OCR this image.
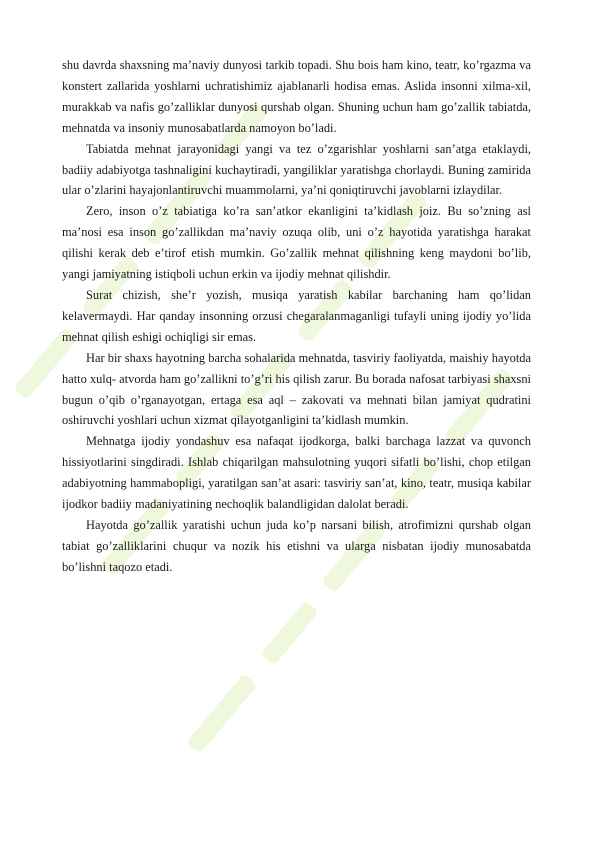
shu davrda shaxsning ma’naviy dunyosi tarkib topadi. Shu bois ham kino, teatr, ko’rgazma va konstert zallarida yoshlarni uchratishimiz ajablanarli hodisa emas. Aslida insonni xilma-xil, murakkab va nafis go’zalliklar dunyosi qurshab olgan. Shuning uchun ham go’zallik tabiatda, mehnatda va insoniy munosabatlarda namoyon bo’ladi.

Tabiatda mehnat jarayonidagi yangi va tez o’zgarishlar yoshlarni san’atga etaklaydi, badiiy adabiyotga tashnaligini kuchaytiradi, yangiliklar yaratishga chorlaydi. Buning zamirida ular o’zlarini hayajonlantiruvchi muammolarni, ya’ni qoniqtiruvchi javoblarni izlaydilar.

Zero, inson o’z tabiatiga ko’ra san’atkor ekanligini ta’kidlash joiz. Bu so’zning asl ma’nosi esa inson go’zallikdan ma’naviy ozuqa olib, uni o’z hayotida yaratishga harakat qilishi kerak deb e’tirof etish mumkin. Go’zallik mehnat qilishning keng maydoni bo’lib, yangi jamiyatning istiqboli uchun erkin va ijodiy mehnat qilishdir.

Surat chizish, she’r yozish, musiqa yaratish kabilar barchaning ham qo’lidan kelavermaydi. Har qanday insonning orzusi chegaralanmaganligi tufayli uning ijodiy yo’lida mehnat qilish eshigi ochiqligi sir emas.

Har bir shaxs hayotning barcha sohalarida mehnatda, tasviriy faoliyatda, maishiy hayotda hatto xulq- atvorda ham go’zallikni to’g’ri his qilish zarur. Bu borada nafosat tarbiyasi shaxsni bugun o’qib o’rganayotgan, ertaga esa aql – zakovati va mehnati bilan jamiyat qudratini oshiruvchi yoshlari uchun xizmat qilayotganligini ta’kidlash mumkin.

Mehnatga ijodiy yondashuv esa nafaqat ijodkorga, balki barchaga lazzat va quvonch hissiyotlarini singdiradi. Ishlab chiqarilgan mahsulotning yuqori sifatli bo’lishi, chop etilgan adabiyotning hammabopligi, yaratilgan san’at asari: tasviriy san’at, kino, teatr, musiqa kabilar ijodkor badiiy madaniyatining nechoqlik balandligidan dalolat beradi.

Hayotda go’zallik yaratishi uchun juda ko’p narsani bilish, atrofimizni qurshab olgan tabiat go’zalliklarini chuqur va nozik his etishni va ularga nisbatan ijodiy munosabatda bo’lishni taqozo etadi.
